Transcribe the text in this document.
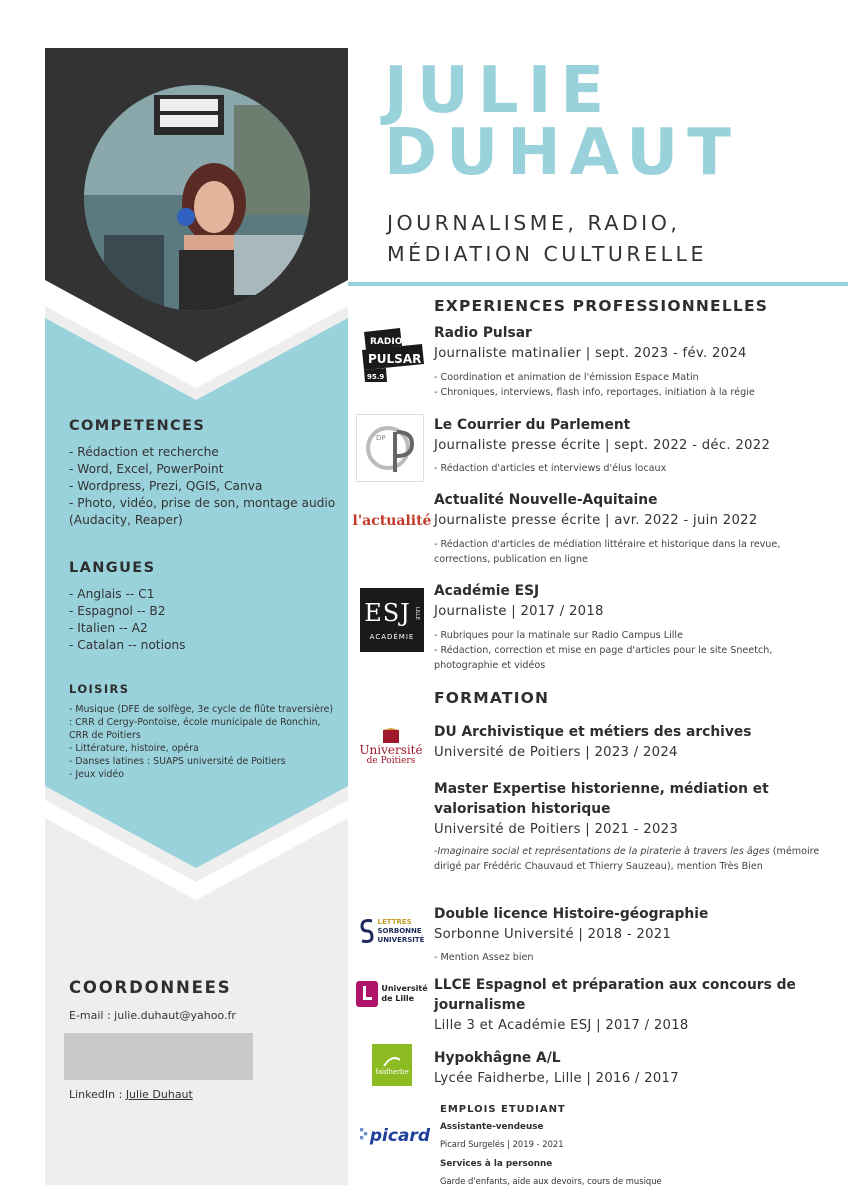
COMPETENCES
- Rédaction et recherche
- Word, Excel, PowerPoint
- Wordpress, Prezi, QGIS, Canva
- Photo, vidéo, prise de son, montage audio (Audacity, Reaper)
LANGUES
- Anglais -- C1
- Espagnol -- B2
- Italien -- A2
- Catalan -- notions
LOISIRS
- Musique (DFE de solfège, 3e cycle de flûte traversière) : CRR d Cergy-Pontoise, école municipale de Ronchin, CRR de Poitiers
- Littérature, histoire, opéra
- Danses latines : SUAPS université de Poitiers
- Jeux vidéo
COORDONNEES
E-mail : julie.duhaut@yahoo.fr
LinkedIn : Julie Duhaut
JULIE
DUHAUT
JOURNALISME, RADIO,
MÉDIATION CULTURELLE
EXPERIENCES PROFESSIONNELLES
RADIO
PULSAR
95.9
Radio Pulsar
Journaliste matinalier | sept. 2023 - fév. 2024
- Coordination et animation de l'émission Espace Matin
- Chroniques, interviews, flash info, reportages, initiation à la régie
DP
Le Courrier du Parlement
Journaliste presse écrite | sept. 2022 - déc. 2022
- Rédaction d'articles et interviews d'élus locaux
l'actualité
Actualité Nouvelle-Aquitaine
Journaliste presse écrite | avr. 2022 - juin 2022
- Rédaction d'articles de médiation littéraire et historique dans la revue, corrections, publication en ligne
ESJ LILLE
ACADÉMIE
Académie ESJ
Journaliste | 2017 / 2018
- Rubriques pour la matinale sur Radio Campus Lille
- Rédaction, correction et mise en page d'articles pour le site Sneetch, photographie et vidéos
FORMATION
Université
de Poitiers
DU Archivistique et métiers des archives
Université de Poitiers | 2023 / 2024
Master Expertise historienne, médiation et valorisation historique
Université de Poitiers | 2021 - 2023
-Imaginaire social et représentations de la piraterie à travers les âges (mémoire dirigé par Frédéric Chauvaud et Thierry Sauzeau), mention Très Bien
LETTRES
SORBONNE
UNIVERSITÉ
Double licence Histoire-géographie
Sorbonne Université | 2018 - 2021
- Mention Assez bien
Université
de Lille
LLCE Espagnol et préparation aux concours de journalisme
Lille 3 et Académie ESJ | 2017 / 2018
faidherbe
Hypokhâgne A/L
Lycée Faidherbe, Lille | 2016 / 2017
picard
EMPLOIS ETUDIANT
Assistante-vendeuse
Picard Surgelés | 2019 - 2021
Services à la personne
Garde d'enfants, aide aux devoirs, cours de musique
